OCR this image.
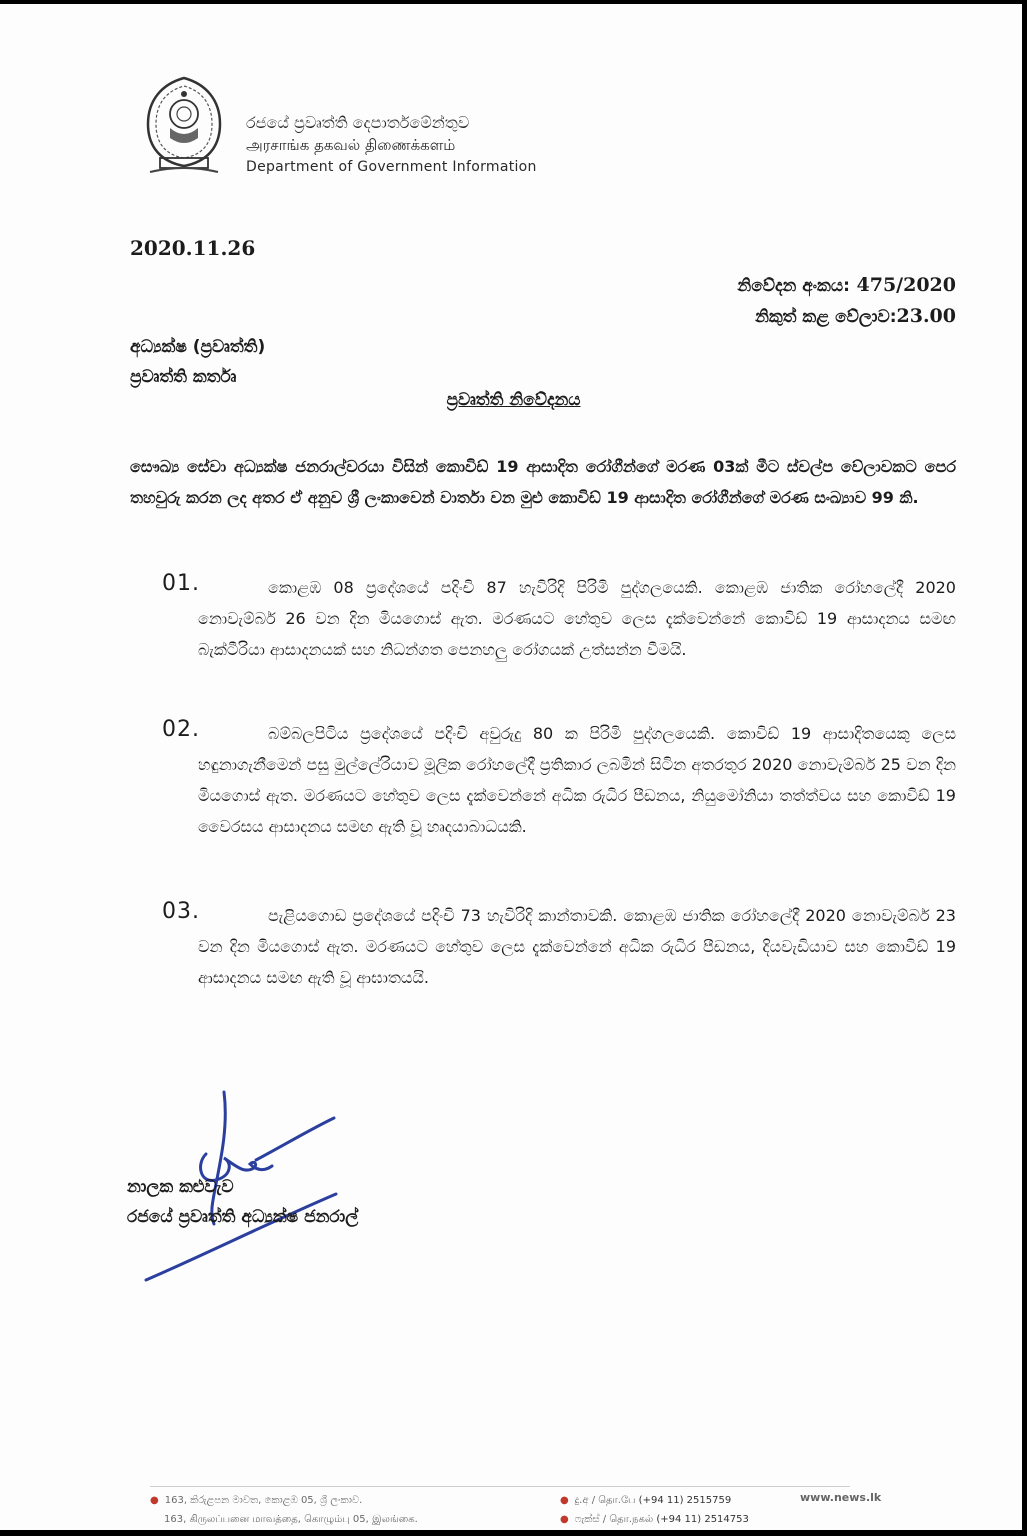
රජයේ ප්‍රවෘත්ති දෙපාර්තමේන්තුව
அரசாங்க தகவல் திணைக்களம்
Department of Government Information
2020.11.26
නිවේදන අංකය: 475/2020
නිකුත් කළ වේලාව:23.00
අධ්‍යක්ෂ (ප්‍රවෘත්ති)
ප්‍රවෘත්ති කර්තෘ
ප්‍රවෘත්ති නිවේදනය
සෞඛ්‍ය සේවා අධ්‍යක්ෂ ජනරාල්වරයා විසින් කොවිඩ් 19 ආසාදිත රෝගීන්ගේ මරණ 03ක් මීට ස්වල්ප වේලාවකට පෙර තහවුරු කරන ලද අතර ඒ අනුව ශ්‍රී ලංකාවෙන් වාර්තා වන මුළු කොවිඩ් 19 ආසාදිත රෝගීන්ගේ මරණ සංඛ්‍යාව 99 කි.
01.	කොළඹ 08 ප්‍රදේශයේ පදිංචි 87 හැවිරිදි පිරිමි පුද්ගලයෙකි. කොළඹ ජාතික රෝහලේදී 2020 නොවැම්බර් 26 වන දින මියගොස් ඇත. මරණයට හේතුව ලෙස දැක්වෙන්නේ කොවිඩ් 19 ආසාදනය සමඟ බැක්ටීරියා ආසාදනයක් සහ නිධන්ගත පෙනහලු රෝගයක් උත්සන්න වීමයි.
02.	බම්බලපිටිය ප්‍රදේශයේ පදිංචි අවුරුදු 80 ක පිරිමි පුද්ගලයෙකි. කොවිඩ් 19 ආසාදිතයෙකු ලෙස හඳුනාගැනීමෙන් පසු මුල්ලේරියාව මූලික රෝහලේදී ප්‍රතිකාර ලබමින් සිටින අතරතුර 2020 නොවැම්බර් 25 වන දින මියගොස් ඇත. මරණයට හේතුව ලෙස දැක්වෙන්නේ අධික රුධිර පීඩනය, නියුමෝනියා තත්ත්වය සහ කොවිඩ් 19 වෛරසය ආසාදනය සමඟ ඇති වූ හෘදයාබාධයකි.
03.	පැළියගොඩ ප්‍රදේශයේ පදිංචි 73 හැවිරිදි කාන්තාවකි. කොළඹ ජාතික රෝහලේදී 2020 නොවැම්බර් 23 වන දින මියගොස් ඇත. මරණයට හේතුව ලෙස දැක්වෙන්නේ අධික රුධිර පීඩනය, දියවැඩියාව සහ කොවිඩ් 19 ආසාදනය සමඟ ඇති වූ ආඝාතයයි.
නාලක කළුවැව
රජයේ ප්‍රවෘත්ති අධ්‍යක්ෂ ජනරාල්
● 163, කිරුළපන මාවත, කොළඹ 05, ශ්‍රී ලංකාව.
163, கிருலப்பனை மாவத்தை, கொழும்பு 05, இலங்கை.
● දු.අ / தொ.பே (+94 11) 2515759
● ෆැක්ස් / தொ.நகல் (+94 11) 2514753
www.news.lk
